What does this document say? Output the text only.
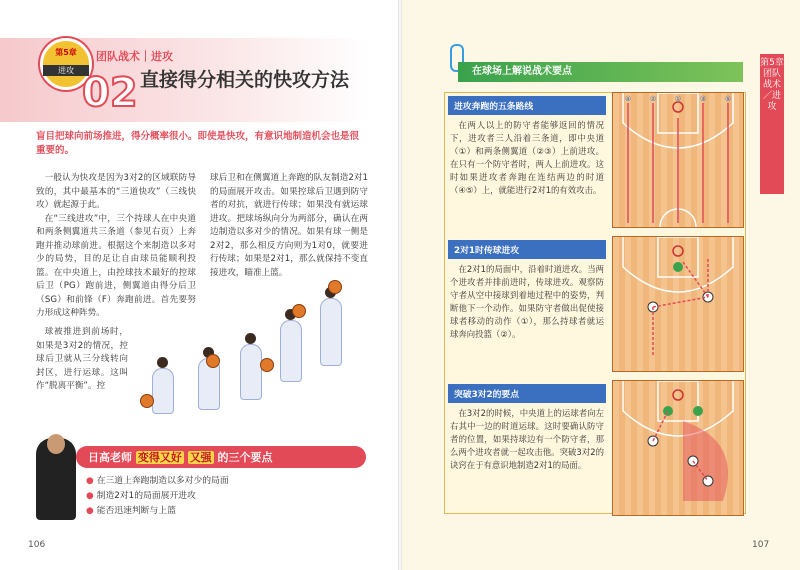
第5章
进攻
团队战术｜进攻
02 直接得分相关的快攻方法
盲目把球向前场推进，得分概率很小。即使是快攻，有意识地制造机会也是很重要的。

一般认为快攻是因为3对2的区域联防导致的，其中最基本的“三道快攻”（三线快攻）就起源于此。

在“三线进攻”中，三个持球人在中央道和两条侧翼道共三条道（参见右页）上奔跑并推动球前进。根据这个来制造以多对少的局势，目的足让自由球员能顺利投篮。在中央道上，由控球技术最好的控球后卫（PG）跑前进，侧翼道由得分后卫（SG）和前锋（F）奔跑前进。首先要努力形成这种阵势。

球后卫和在侧翼道上奔跑的队友制造2对1的局面展开攻击。如果控球后卫遇到防守者的对抗，就进行传球；如果没有就运球进攻。把球场纵向分为两部分，确认在两边制造以多对少的情况。如果有球一侧是2对2，那么相反方向则为1对0，就要进行传球；如果是2对1，那么就保持不变直接进攻，瞄准上篮。

球被推进到前场时，如果是3对2的情况，控球后卫就从三分线转向封区，进行运球。这叫作“脱离平衡”。控

日高老师 变得又好 又强 的三个要点
● 在三道上奔跑制造以多对少的局面
● 制造2对1的局面展开进攻
● 能否迅速判断与上篮
106	107
在球场上解说战术要点
第5章 团队战术／进攻
进攻奔跑的五条路线
在两人以上的防守者能够返回的情况下，进攻者三人沿着三条道，即中央道（①）和两条侧翼道（②③）上前进攻。在只有一个防守者时，两人上前进攻。这时如果进攻者奔跑在连结两边的时道（④⑤）上，就能进行2对1的有效攻击。
2对1时传球进攻
在2对1的局面中，沿着时道进攻。当两个进攻者并排前进时，传球进攻。观察防守者从空中接球到着地过程中的姿势，判断他下一个动作。如果防守者做出促使接球者移动的动作（①），那么持球者就运球奔向投篮（②）。
突破3对2的要点
在3对2的时候，中央道上的运球者向左右其中一边的时道运球。这时要确认防守者的位置，如果持球边有一个防守者，那么两个进攻者就一起攻击他。突破3对2的诀窍在于有意识地制造2对1的局面。
④	②	①	③	⑤
